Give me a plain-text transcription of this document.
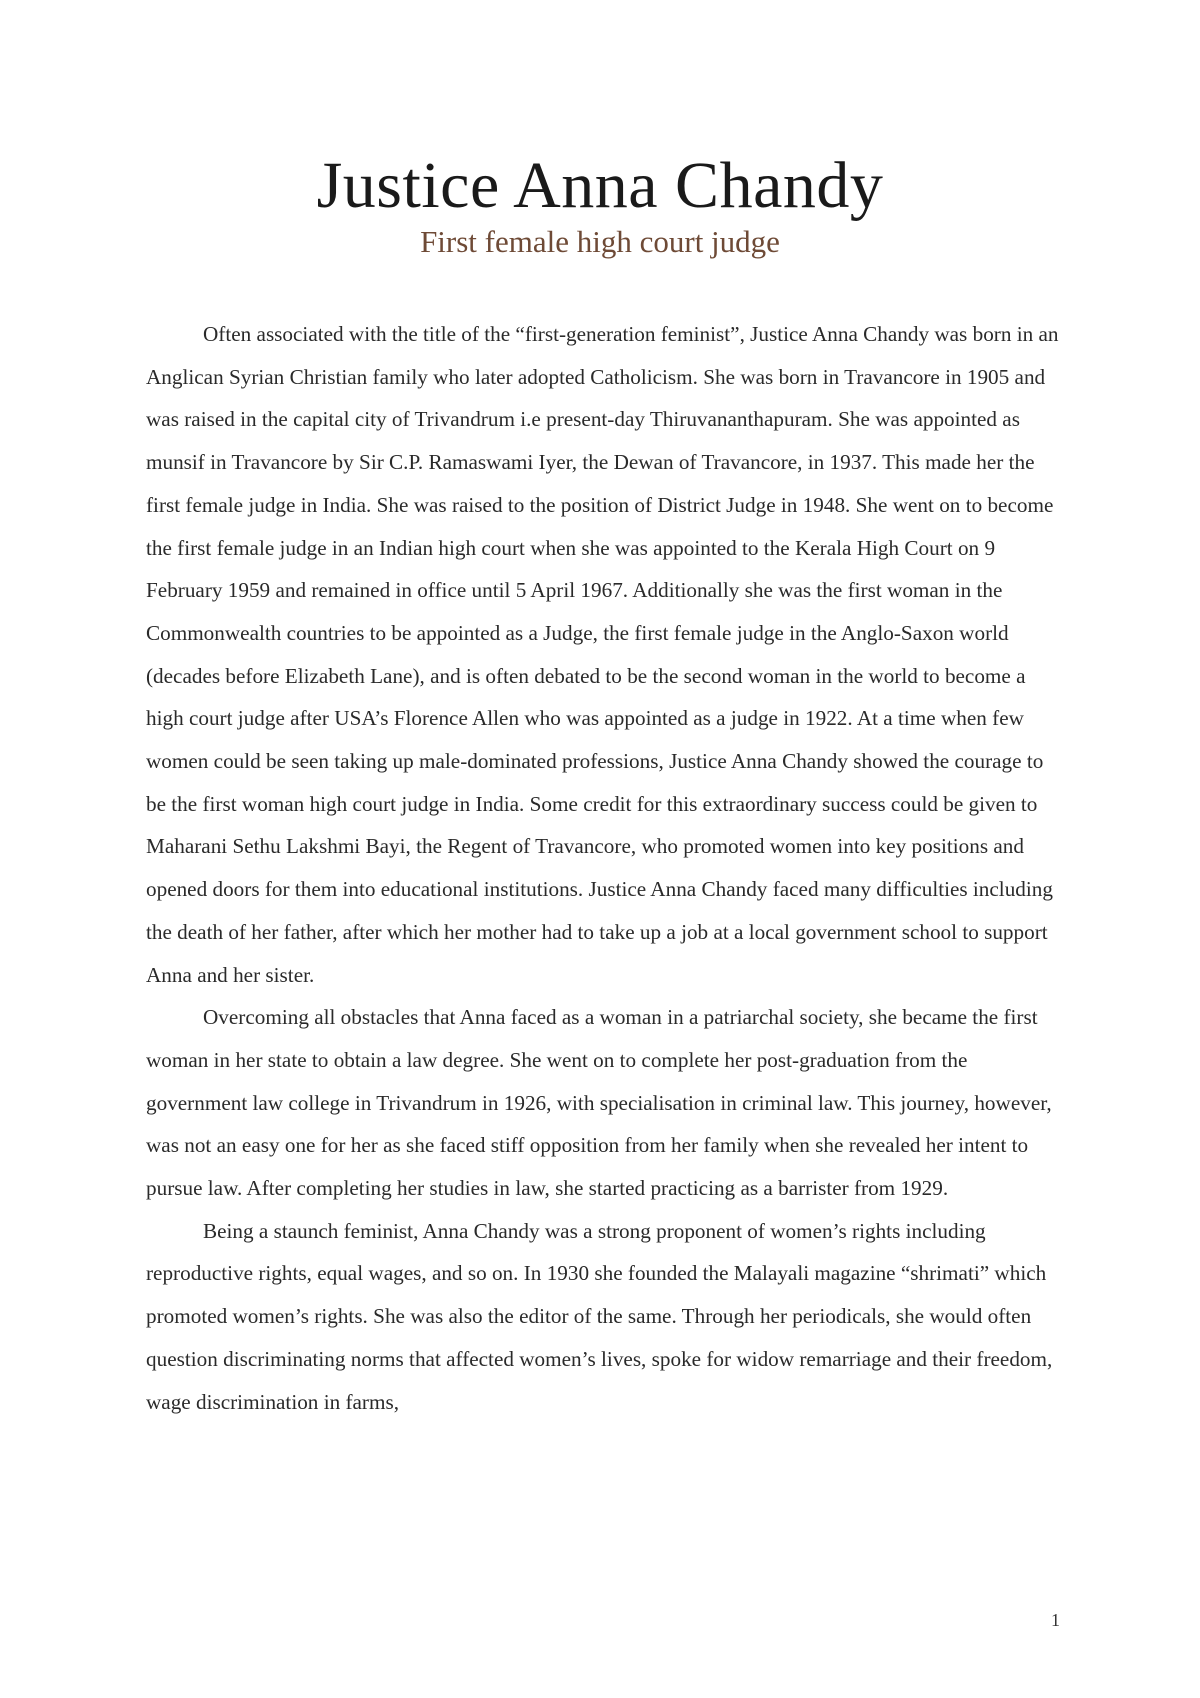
Justice Anna Chandy
First female high court judge

Often associated with the title of the “first-generation feminist”, Justice Anna Chandy was born in an Anglican Syrian Christian family who later adopted Catholicism. She was born in Travancore in 1905 and was raised in the capital city of Trivandrum i.e present-day Thiruvananthapuram. She was appointed as munsif in Travancore by Sir C.P. Ramaswami Iyer, the Dewan of Travancore, in 1937. This made her the first female judge in India. She was raised to the position of District Judge in 1948. She went on to become the first female judge in an Indian high court when she was appointed to the Kerala High Court on 9 February 1959 and remained in office until 5 April 1967. Additionally she was the first woman in the Commonwealth countries to be appointed as a Judge, the first female judge in the Anglo-Saxon world (decades before Elizabeth Lane), and is often debated to be the second woman in the world to become a high court judge after USA’s Florence Allen who was appointed as a judge in 1922. At a time when few women could be seen taking up male-dominated professions, Justice Anna Chandy showed the courage to be the first woman high court judge in India. Some credit for this extraordinary success could be given to Maharani Sethu Lakshmi Bayi, the Regent of Travancore, who promoted women into key positions and opened doors for them into educational institutions. Justice Anna Chandy faced many difficulties including the death of her father, after which her mother had to take up a job at a local government school to support Anna and her sister.

Overcoming all obstacles that Anna faced as a woman in a patriarchal society, she became the first woman in her state to obtain a law degree. She went on to complete her post-graduation from the government law college in Trivandrum in 1926, with specialisation in criminal law. This journey, however, was not an easy one for her as she faced stiff opposition from her family when she revealed her intent to pursue law. After completing her studies in law, she started practicing as a barrister from 1929.

Being a staunch feminist, Anna Chandy was a strong proponent of women’s rights including reproductive rights, equal wages, and so on. In 1930 she founded the Malayali magazine “shrimati” which promoted women’s rights. She was also the editor of the same. Through her periodicals, she would often question discriminating norms that affected women’s lives, spoke for widow remarriage and their freedom, wage discrimination in farms,

1
